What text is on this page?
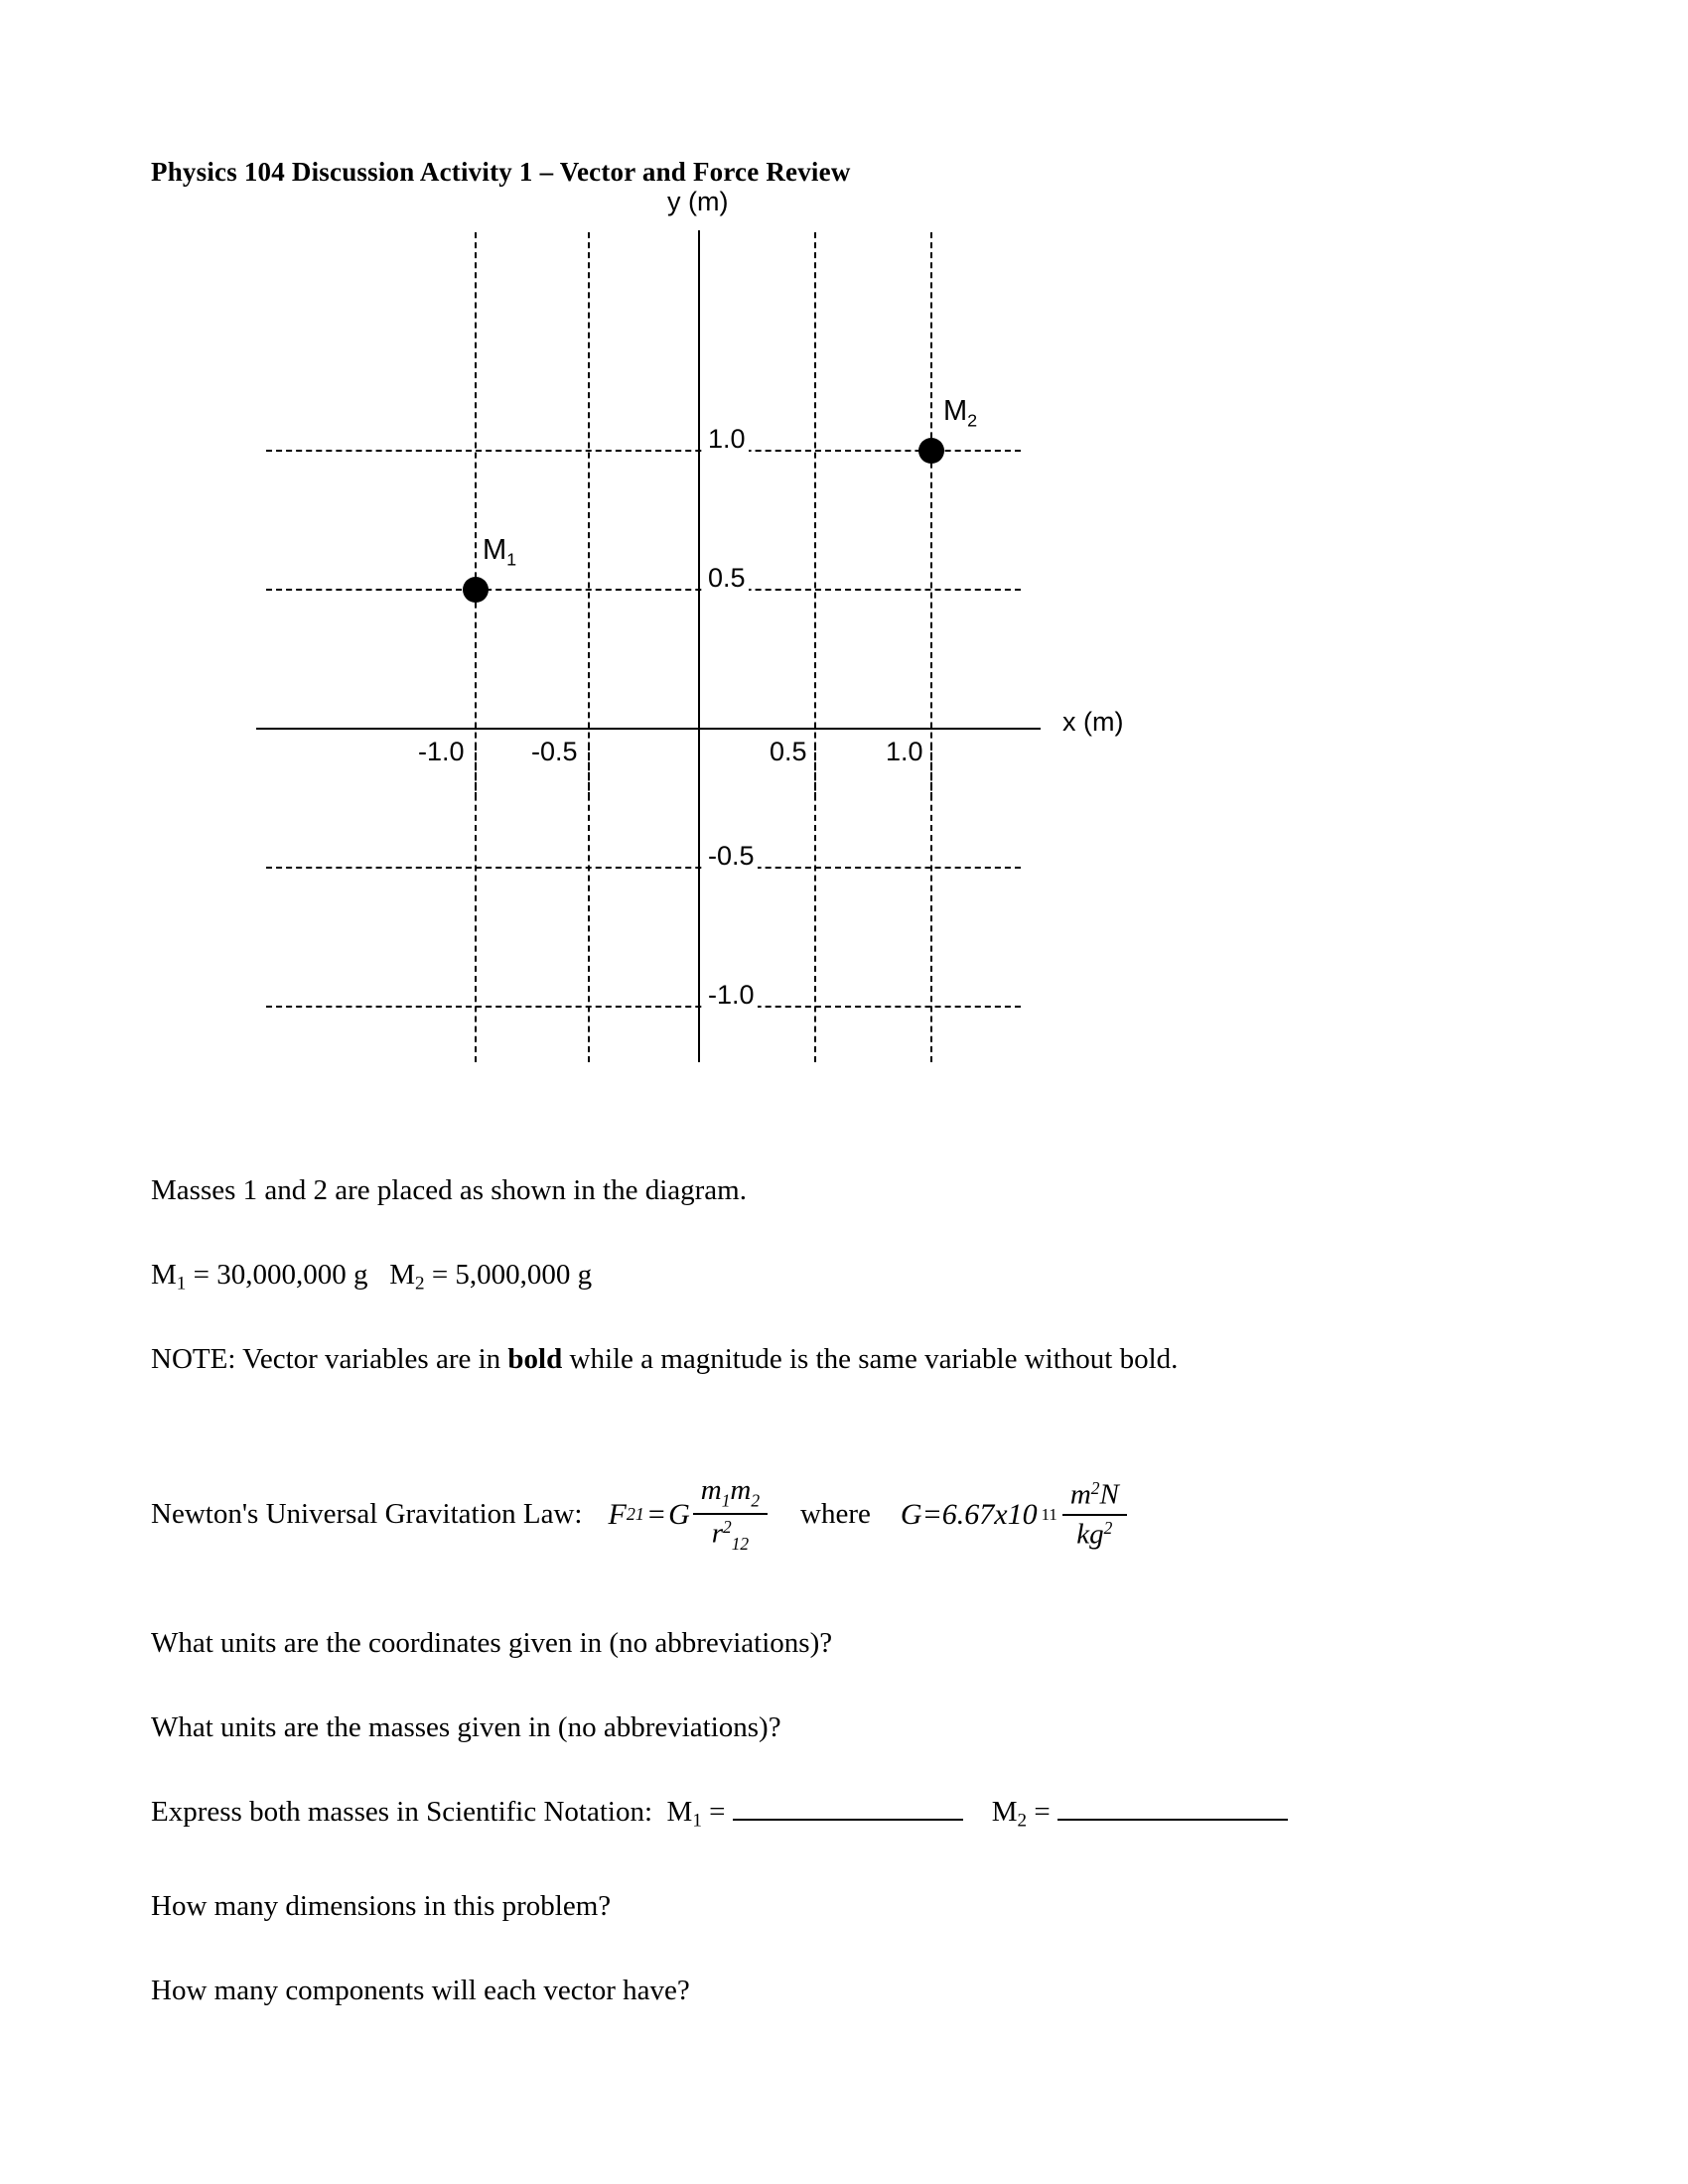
Physics 104 Discussion Activity 1 – Vector and Force Review
y (m)
x (m)
1.0
0.5
-0.5
-1.0
-1.0 -0.5	0.5	1.0
$M_1$
$M_2$
Masses 1 and 2 are placed as shown in the diagram.
$M_1 = 30,000,000$ g $M_2 = 5,000,000$ g
NOTE: Vector variables are in bold while a magnitude is the same variable without bold.
Newton's Universal Gravitation Law: F 21 = G $\frac{m_1m_2}{r^2_{12}}$ where G =6.67x10 $11 \frac{m^2N}{kg^2}$
What units are the coordinates given in (no abbreviations)?
What units are the masses given in (no abbreviations)?
Express both masses in Scientific Notation: $M_1$ =	$M_2$ =
How many dimensions in this problem?
How many components will each vector have?
